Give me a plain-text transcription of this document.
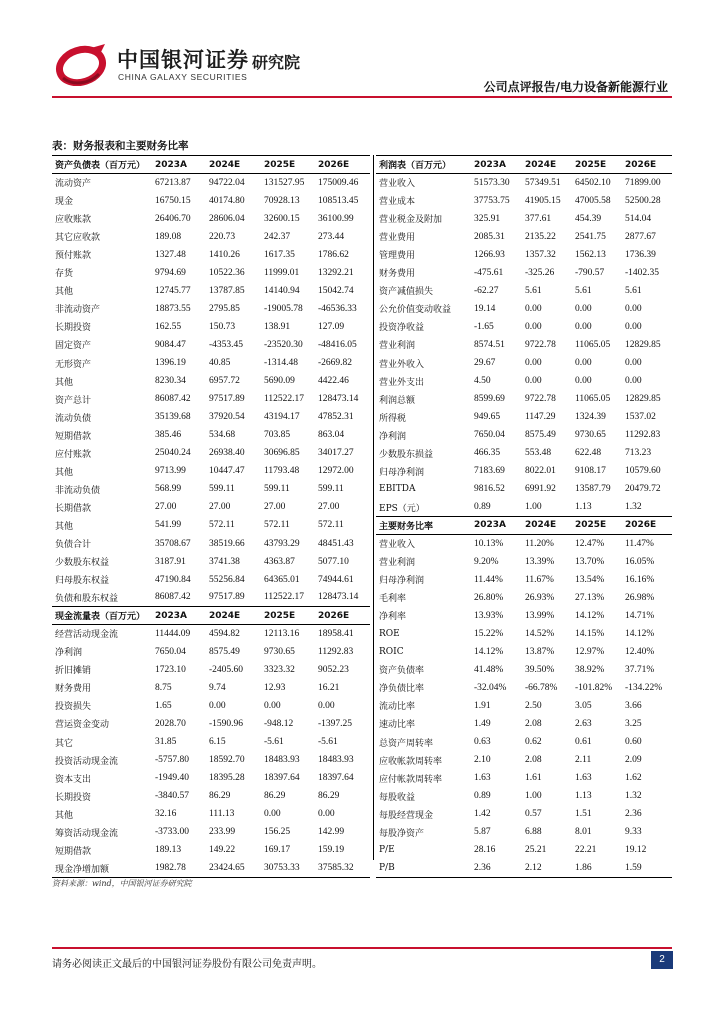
中国银河证券 研究院
CHINA GALAXY SECURITIES
公司点评报告/电力设备新能源行业
表：财务报表和主要财务比率
资产负债表（百万元）	2023A	2024E	2025E	2026E
流动资产	67213.87	94722.04	131527.95	175009.46
现金	16750.15	40174.80	70928.13	108513.45
应收账款	26406.70	28606.04	32600.15	36100.99
其它应收款	189.08	220.73	242.37	273.44
预付账款	1327.48	1410.26	1617.35	1786.62
存货	9794.69	10522.36	11999.01	13292.21
其他	12745.77	13787.85	14140.94	15042.74
非流动资产	18873.55	2795.85	-19005.78	-46536.33
长期投资	162.55	150.73	138.91	127.09
固定资产	9084.47	-4353.45	-23520.30	-48416.05
无形资产	1396.19	40.85	-1314.48	-2669.82
其他	8230.34	6957.72	5690.09	4422.46
资产总计	86087.42	97517.89	112522.17	128473.14
流动负债	35139.68	37920.54	43194.17	47852.31
短期借款	385.46	534.68	703.85	863.04
应付账款	25040.24	26938.40	30696.85	34017.27
其他	9713.99	10447.47	11793.48	12972.00
非流动负债	568.99	599.11	599.11	599.11
长期借款	27.00	27.00	27.00	27.00
其他	541.99	572.11	572.11	572.11
负债合计	35708.67	38519.66	43793.29	48451.43
少数股东权益	3187.91	3741.38	4363.87	5077.10
归母股东权益	47190.84	55256.84	64365.01	74944.61
负债和股东权益	86087.42	97517.89	112522.17	128473.14
现金流量表（百万元）	2023A	2024E	2025E	2026E
经营活动现金流	11444.09	4594.82	12113.16	18958.41
净利润	7650.04	8575.49	9730.65	11292.83
折旧摊销	1723.10	-2405.60	3323.32	9052.23
财务费用	8.75	9.74	12.93	16.21
投资损失	1.65	0.00	0.00	0.00
营运资金变动	2028.70	-1590.96	-948.12	-1397.25
其它	31.85	6.15	-5.61	-5.61
投资活动现金流	-5757.80	18592.70	18483.93	18483.93
资本支出	-1949.40	18395.28	18397.64	18397.64
长期投资	-3840.57	86.29	86.29	86.29
其他	32.16	111.13	0.00	0.00
筹资活动现金流	-3733.00	233.99	156.25	142.99
短期借款	189.13	149.22	169.17	159.19
现金净增加额	1982.78	23424.65	30753.33	37585.32
利润表（百万元）	2023A	2024E	2025E	2026E
营业收入	51573.30	57349.51	64502.10	71899.00
营业成本	37753.75	41905.15	47005.58	52500.28
营业税金及附加	325.91	377.61	454.39	514.04
营业费用	2085.31	2135.22	2541.75	2877.67
管理费用	1266.93	1357.32	1562.13	1736.39
财务费用	-475.61	-325.26	-790.57	-1402.35
资产减值损失	-62.27	5.61	5.61	5.61
公允价值变动收益	19.14	0.00	0.00	0.00
投资净收益	-1.65	0.00	0.00	0.00
营业利润	8574.51	9722.78	11065.05	12829.85
营业外收入	29.67	0.00	0.00	0.00
营业外支出	4.50	0.00	0.00	0.00
利润总额	8599.69	9722.78	11065.05	12829.85
所得税	949.65	1147.29	1324.39	1537.02
净利润	7650.04	8575.49	9730.65	11292.83
少数股东损益	466.35	553.48	622.48	713.23
归母净利润	7183.69	8022.01	9108.17	10579.60
EBITDA	9816.52	6991.92	13587.79	20479.72
EPS（元）	0.89	1.00	1.13	1.32
主要财务比率	2023A	2024E	2025E	2026E
营业收入	10.13%	11.20%	12.47%	11.47%
营业利润	9.20%	13.39%	13.70%	16.05%
归母净利润	11.44%	11.67%	13.54%	16.16%
毛利率	26.80%	26.93%	27.13%	26.98%
净利率	13.93%	13.99%	14.12%	14.71%
ROE	15.22%	14.52%	14.15%	14.12%
ROIC	14.12%	13.87%	12.97%	12.40%
资产负债率	41.48%	39.50%	38.92%	37.71%
净负债比率	-32.04%	-66.78%	-101.82%	-134.22%
流动比率	1.91	2.50	3.05	3.66
速动比率	1.49	2.08	2.63	3.25
总资产周转率	0.63	0.62	0.61	0.60
应收帐款周转率	2.10	2.08	2.11	2.09
应付帐款周转率	1.63	1.61	1.63	1.62
每股收益	0.89	1.00	1.13	1.32
每股经营现金	1.42	0.57	1.51	2.36
每股净资产	5.87	6.88	8.01	9.33
P/E	28.16	25.21	22.21	19.12
P/B	2.36	2.12	1.86	1.59
资料来源：wind，中国银河证券研究院
请务必阅读正文最后的中国银河证券股份有限公司免责声明。	2
